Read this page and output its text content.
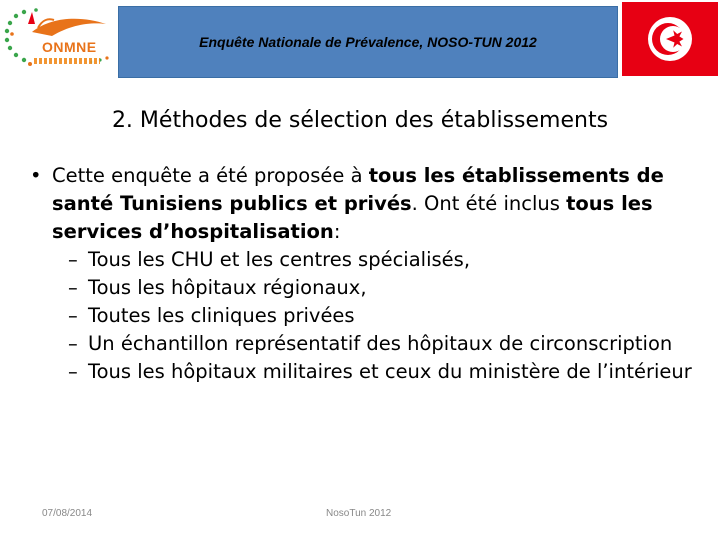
ONMNE	Enquête Nationale de Prévalence, NOSO-TUN 2012
2. Méthodes de sélection des établissements
• Cette enquête a été proposée à tous les établissements de santé Tunisiens publics et privés. Ont été inclus tous les services d’hospitalisation:
– Tous les CHU et les centres spécialisés,
– Tous les hôpitaux régionaux,
– Toutes les cliniques privées
– Un échantillon représentatif des hôpitaux de circonscription
– Tous les hôpitaux militaires et ceux du ministère de l’intérieur
07/08/2014	NosoTun 2012
